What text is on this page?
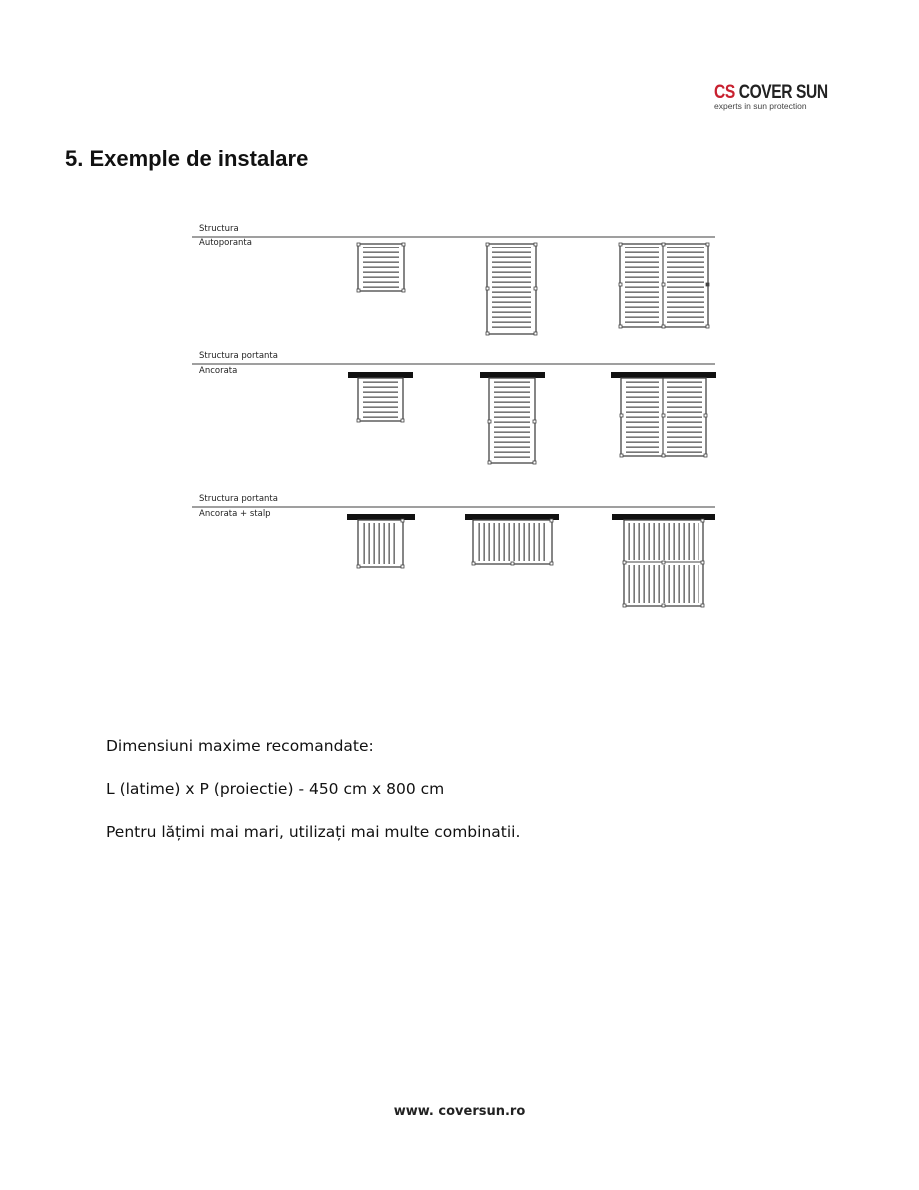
CS COVER SUN
experts in sun protection
5. Exemple de instalare
Structura
Autoporanta
Structura portanta
Ancorata
Structura portanta
Ancorata + stalp
Dimensiuni maxime recomandate:
L (latime) x P (proiectie) - 450 cm x 800 cm
Pentru lățimi mai mari, utilizați mai multe combinatii.
www. coversun.ro
